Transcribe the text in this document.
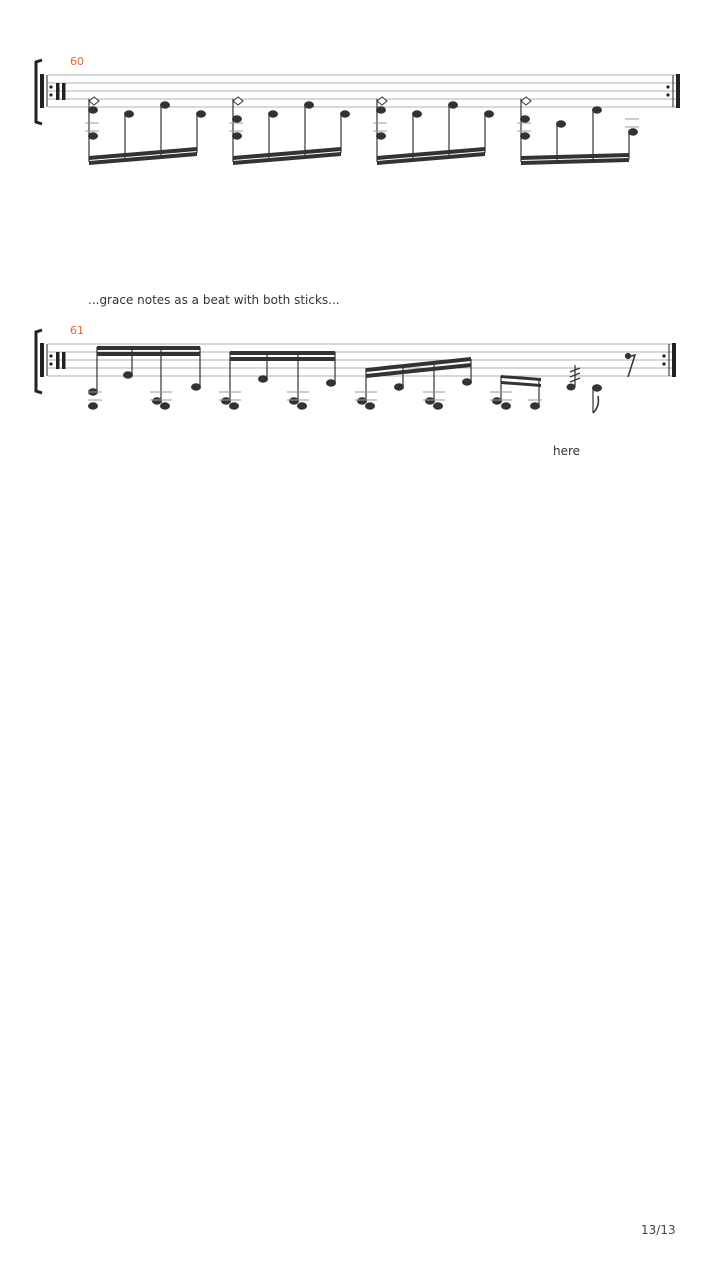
60
...grace notes as a beat with both sticks...
61
here
13/13
